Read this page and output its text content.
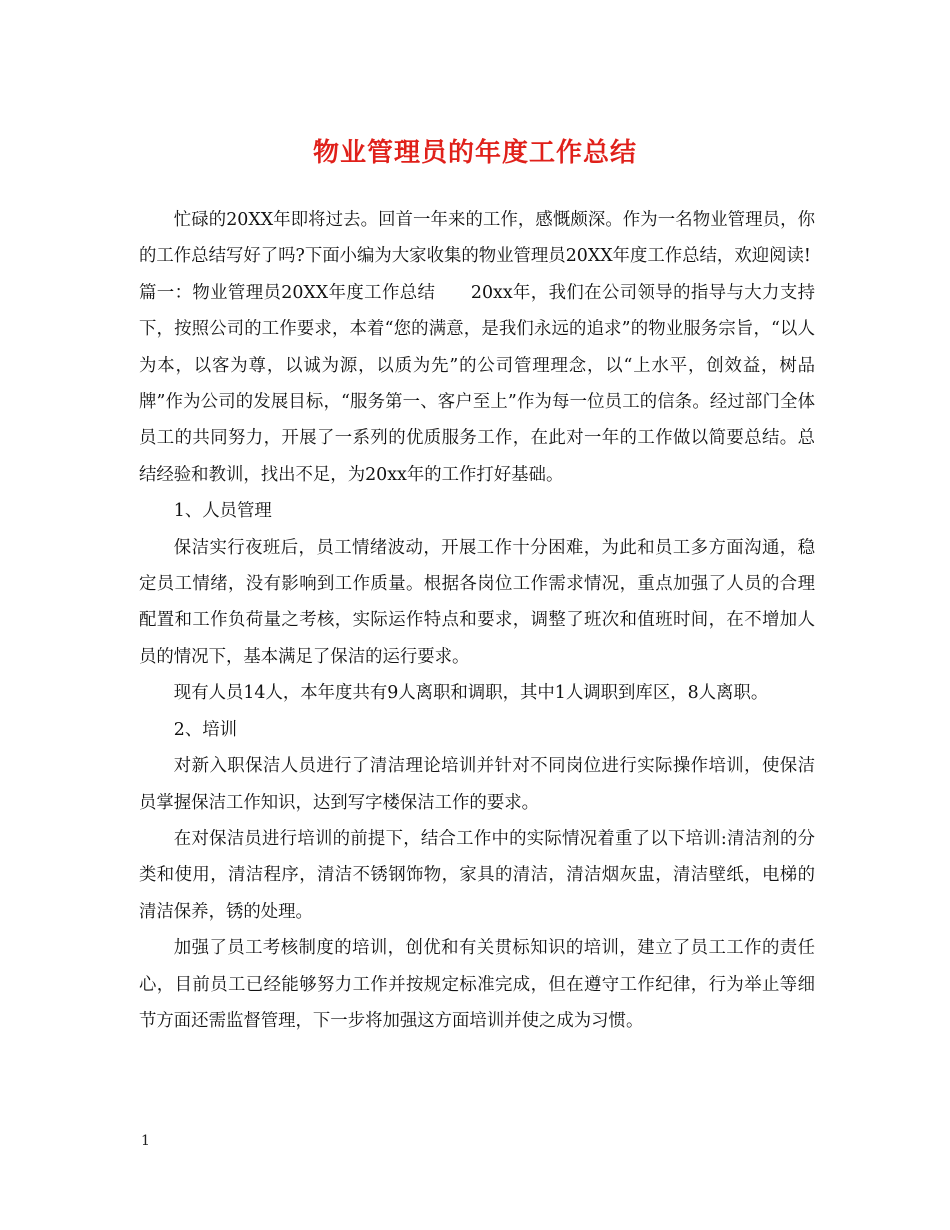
物业管理员的年度工作总结

忙碌的20XX年即将过去。回首一年来的工作，感慨颇深。作为一名物业管理员，你的工作总结写好了吗?下面小编为大家收集的物业管理员20XX年度工作总结，欢迎阅读!

篇一：物业管理员20XX年度工作总结　　20xx年，我们在公司领导的指导与大力支持下，按照公司的工作要求，本着“您的满意，是我们永远的追求”的物业服务宗旨，“以人为本，以客为尊，以诚为源，以质为先”的公司管理理念，以“上水平，创效益，树品牌”作为公司的发展目标，“服务第一、客户至上”作为每一位员工的信条。经过部门全体员工的共同努力，开展了一系列的优质服务工作，在此对一年的工作做以简要总结。总结经验和教训，找出不足，为20xx年的工作打好基础。

1、人员管理

保洁实行夜班后，员工情绪波动，开展工作十分困难，为此和员工多方面沟通，稳定员工情绪，没有影响到工作质量。根据各岗位工作需求情况，重点加强了人员的合理配置和工作负荷量之考核，实际运作特点和要求，调整了班次和值班时间，在不增加人员的情况下，基本满足了保洁的运行要求。

现有人员14人，本年度共有9人离职和调职，其中1人调职到库区，8人离职。

2、培训

对新入职保洁人员进行了清洁理论培训并针对不同岗位进行实际操作培训，使保洁员掌握保洁工作知识，达到写字楼保洁工作的要求。

在对保洁员进行培训的前提下，结合工作中的实际情况着重了以下培训:清洁剂的分类和使用，清洁程序，清洁不锈钢饰物，家具的清洁，清洁烟灰盅，清洁壁纸，电梯的清洁保养，锈的处理。

加强了员工考核制度的培训，创优和有关贯标知识的培训，建立了员工工作的责任心，目前员工已经能够努力工作并按规定标准完成，但在遵守工作纪律，行为举止等细节方面还需监督管理，下一步将加强这方面培训并使之成为习惯。

1
